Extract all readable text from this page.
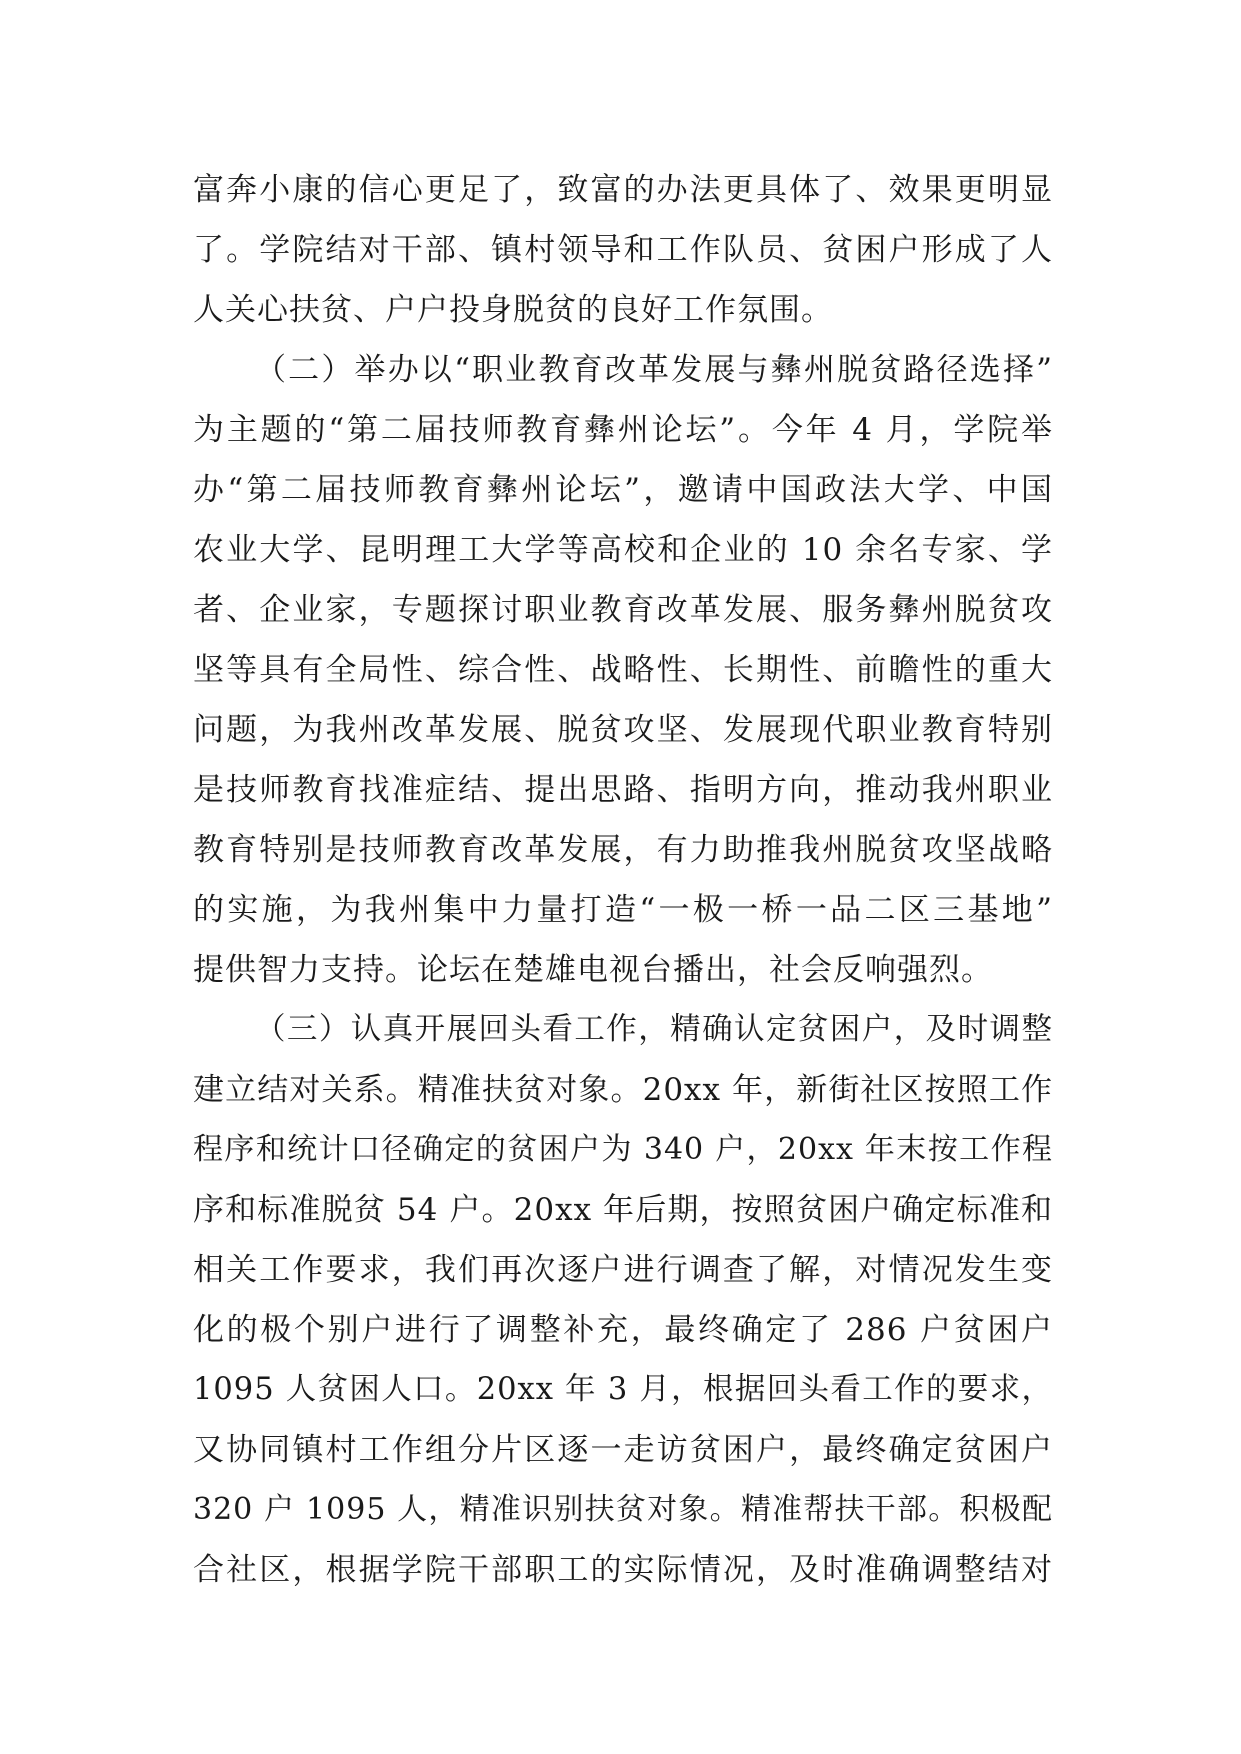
富奔小康的信心更足了，致富的办法更具体了、效果更明显
了。学院结对干部、镇村领导和工作队员、贫困户形成了人
人关心扶贫、户户投身脱贫的良好工作氛围。
（二）举办以“职业教育改革发展与彝州脱贫路径选择”
为主题的“第二届技师教育彝州论坛”。今年 4 月，学院举
办“第二届技师教育彝州论坛”，邀请中国政法大学、中国
农业大学、昆明理工大学等高校和企业的 10 余名专家、学
者、企业家，专题探讨职业教育改革发展、服务彝州脱贫攻
坚等具有全局性、综合性、战略性、长期性、前瞻性的重大
问题，为我州改革发展、脱贫攻坚、发展现代职业教育特别
是技师教育找准症结、提出思路、指明方向，推动我州职业
教育特别是技师教育改革发展，有力助推我州脱贫攻坚战略
的实施，为我州集中力量打造“一极一桥一品二区三基地”
提供智力支持。论坛在楚雄电视台播出，社会反响强烈。
（三）认真开展回头看工作，精确认定贫困户，及时调整
建立结对关系。精准扶贫对象。20xx 年，新街社区按照工作
程序和统计口径确定的贫困户为 340 户，20xx 年末按工作程
序和标准脱贫 54 户。20xx 年后期，按照贫困户确定标准和
相关工作要求，我们再次逐户进行调查了解，对情况发生变
化的极个别户进行了调整补充，最终确定了 286 户贫困户
1095 人贫困人口。20xx 年 3 月，根据回头看工作的要求，
又协同镇村工作组分片区逐一走访贫困户，最终确定贫困户
320 户 1095 人，精准识别扶贫对象。精准帮扶干部。积极配
合社区，根据学院干部职工的实际情况，及时准确调整结对
